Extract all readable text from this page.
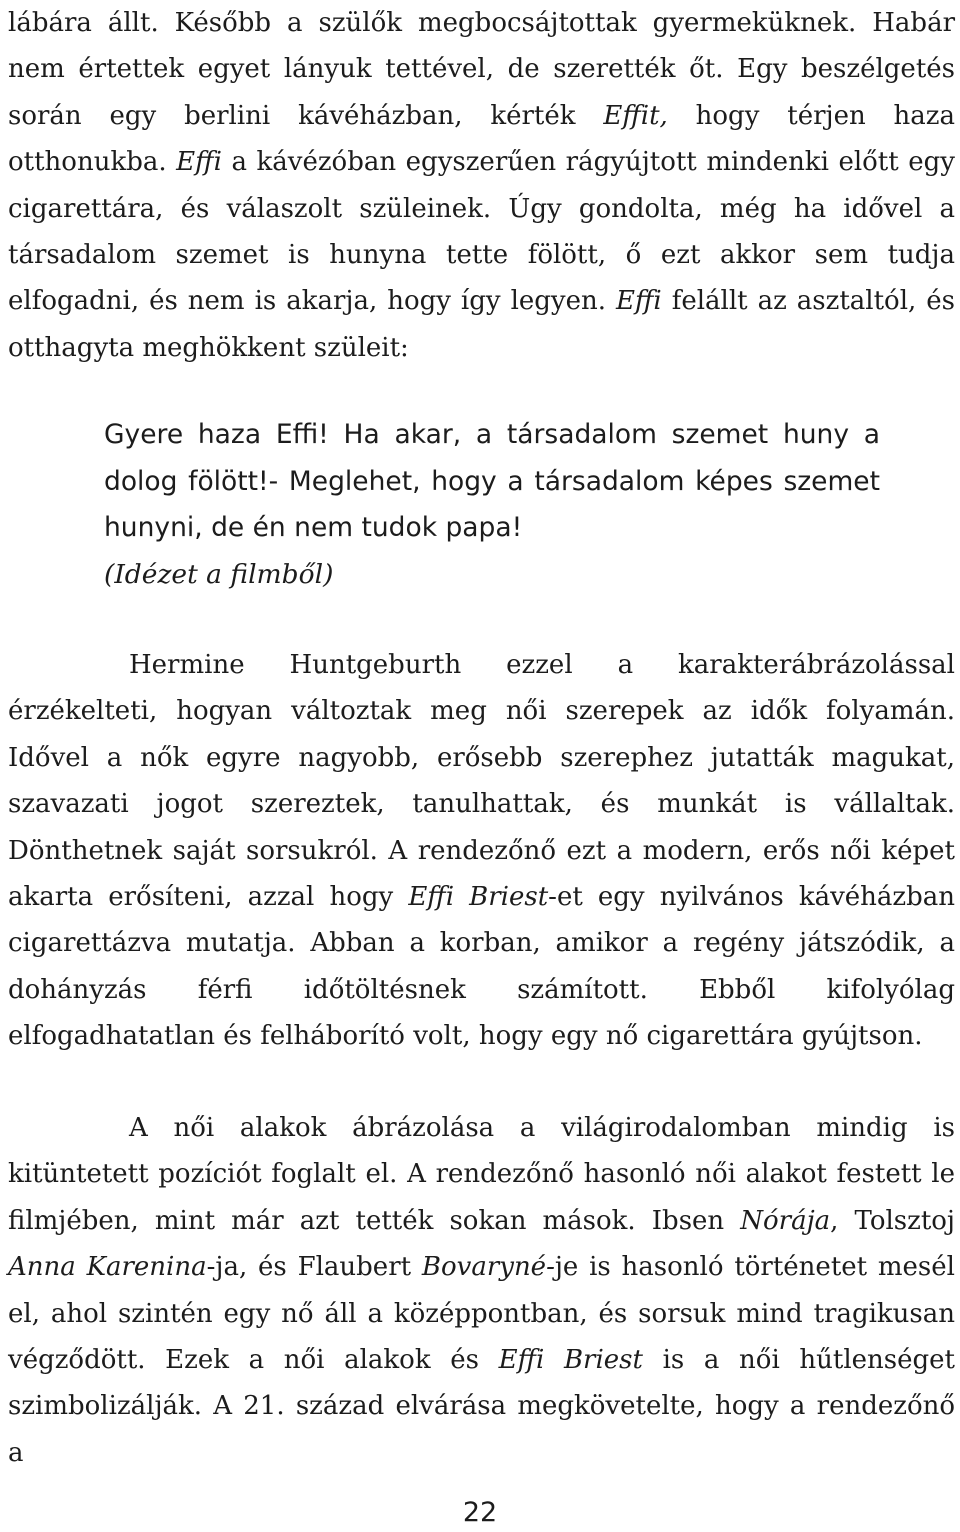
lábára állt. Később a szülők megbocsájtottak gyermeküknek. Habár nem értettek egyet lányuk tettével, de szerették őt. Egy beszélgetés során egy berlini kávéházban, kérték Effit, hogy térjen haza otthonukba. Effi a kávézóban egyszerűen rágyújtott mindenki előtt egy cigarettára, és válaszolt szüleinek. Úgy gondolta, még ha idővel a társadalom szemet is hunyna tette fölött, ő ezt akkor sem tudja elfogadni, és nem is akarja, hogy így legyen. Effi felállt az asztaltól, és otthagyta meghökkent szüleit:

Gyere haza Effi! Ha akar, a társadalom szemet huny a dolog fölött!- Meglehet, hogy a társadalom képes szemet hunyni, de én nem tudok papa!
(Idézet a filmből)

Hermine Huntgeburth ezzel a karakterábrázolással érzékelteti, hogyan változtak meg női szerepek az idők folyamán. Idővel a nők egyre nagyobb, erősebb szerephez jutatták magukat, szavazati jogot szereztek, tanulhattak, és munkát is vállaltak. Dönthetnek saját sorsukról. A rendezőnő ezt a modern, erős női képet akarta erősíteni, azzal hogy Effi Briest-et egy nyilvános kávéházban cigarettázva mutatja. Abban a korban, amikor a regény játszódik, a dohányzás férfi időtöltésnek számított. Ebből kifolyólag elfogadhatatlan és felháborító volt, hogy egy nő cigarettára gyújtson.

A női alakok ábrázolása a világirodalomban mindig is kitüntetett pozíciót foglalt el. A rendezőnő hasonló női alakot festett le filmjében, mint már azt tették sokan mások. Ibsen Nórája, Tolsztoj Anna Karenina-ja, és Flaubert Bovaryné-je is hasonló történetet mesél el, ahol szintén egy nő áll a középpontban, és sorsuk mind tragikusan végződött. Ezek a női alakok és Effi Briest is a női hűtlenséget szimbolizálják. A 21. század elvárása megkövetelte, hogy a rendezőnő a

22
